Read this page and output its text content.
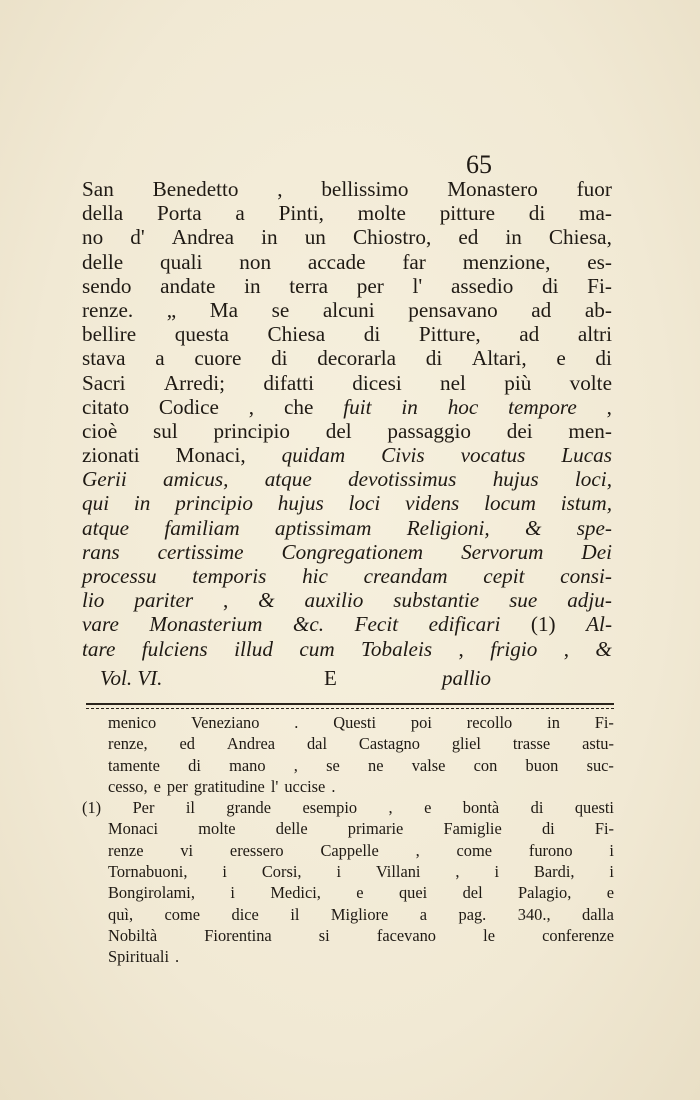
65
San Benedetto , bellissimo Monastero fuor
della Porta a Pinti, molte pitture di ma-
no d' Andrea in un Chiostro, ed in Chiesa,
delle quali non accade far menzione, es-
sendo andate in terra per l' assedio di Fi-
renze. „ Ma se alcuni pensavano ad ab-
bellire questa Chiesa di Pitture, ad altri
stava a cuore di decorarla di Altari, e di
Sacri Arredi; difatti dicesi nel più volte
citato Codice , che fuit in hoc tempore ,
cioè sul principio del passaggio dei men-
zionati Monaci, quidam Civis vocatus Lucas
Gerii amicus, atque devotissimus hujus loci,
qui in principio hujus loci videns locum istum,
atque familiam aptissimam Religioni, & spe-
rans certissime Congregationem Servorum Dei
processu temporis hic creandam cepit consi-
lio pariter , & auxilio substantie sue adju-
vare Monasterium &c. Fecit edificari (1) Al-
tare fulciens illud cum Tobaleis , frigio , &
Vol. VI.	E	pallio
menico Veneziano . Questi poi recollo in Fi-
renze, ed Andrea dal Castagno gliel trasse astu-
tamente di mano , se ne valse con buon suc-
cesso, e per gratitudine l' uccise .
(1) Per il grande esempio , e bontà di questi
Monaci molte delle primarie Famiglie di Fi-
renze vi eressero Cappelle , come furono i
Tornabuoni, i Corsi, i Villani , i Bardi, i
Bongirolami, i Medici, e quei del Palagio, e
quì, come dice il Migliore a pag. 340., dalla
Nobiltà	Fiorentina	si	facevano	le	conferenze
Spirituali .
